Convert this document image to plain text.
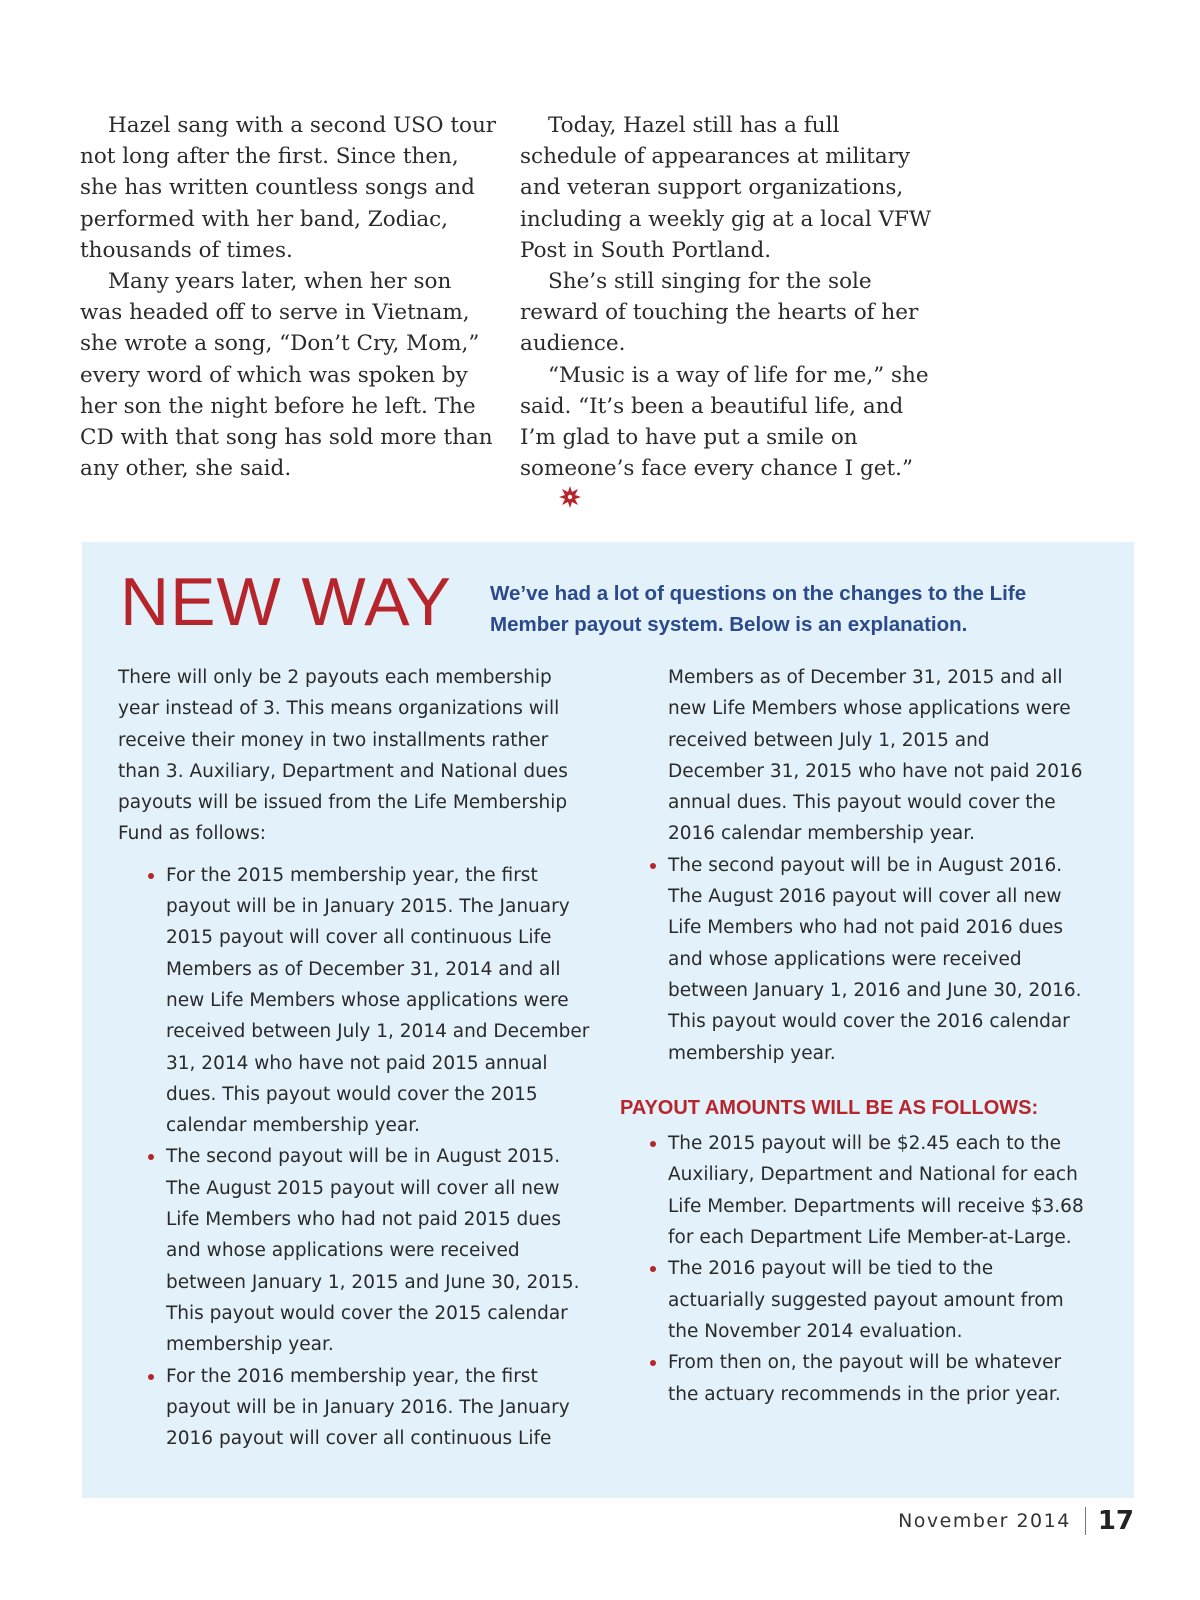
Hazel sang with a second USO tour not long after the first. Since then, she has written countless songs and performed with her band, Zodiac, thousands of times.

Many years later, when her son was headed off to serve in Vietnam, she wrote a song, “Don’t Cry, Mom,” every word of which was spoken by her son the night before he left. The CD with that song has sold more than any other, she said.

Today, Hazel still has a full schedule of appearances at military and veteran support organizations, including a weekly gig at a local VFW Post in South Portland.

She’s still singing for the sole reward of touching the hearts of her audience.

“Music is a way of life for me,” she said. “It’s been a beautiful life, and I’m glad to have put a smile on someone’s face every chance I get.”

NEW WAY We’ve had a lot of questions on the changes to the Life Member payout system. Below is an explanation.

There will only be 2 payouts each membership year instead of 3. This means organizations will receive their money in two installments rather than 3. Auxiliary, Department and National dues payouts will be issued from the Life Membership Fund as follows:

For the 2015 membership year, the first payout will be in January 2015. The January 2015 payout will cover all continuous Life Members as of December 31, 2014 and all new Life Members whose applications were received between July 1, 2014 and December 31, 2014 who have not paid 2015 annual dues. This payout would cover the 2015 calendar membership year.
The second payout will be in August 2015. The August 2015 payout will cover all new Life Members who had not paid 2015 dues and whose applications were received between January 1, 2015 and June 30, 2015. This payout would cover the 2015 calendar membership year.
For the 2016 membership year, the first payout will be in January 2016. The January 2016 payout will cover all continuous Life

Members as of December 31, 2015 and all new Life Members whose applications were received between July 1, 2015 and December 31, 2015 who have not paid 2016 annual dues. This payout would cover the 2016 calendar membership year.

The second payout will be in August 2016. The August 2016 payout will cover all new Life Members who had not paid 2016 dues and whose applications were received between January 1, 2016 and June 30, 2016. This payout would cover the 2016 calendar membership year.
PAYOUT AMOUNTS WILL BE AS FOLLOWS:
The 2015 payout will be $2.45 each to the Auxiliary, Department and National for each Life Member. Departments will receive $3.68 for each Department Life Member-at-Large.
The 2016 payout will be tied to the actuarially suggested payout amount from the November 2014 evaluation.
From then on, the payout will be whatever the actuary recommends in the prior year.
November 2014 17
